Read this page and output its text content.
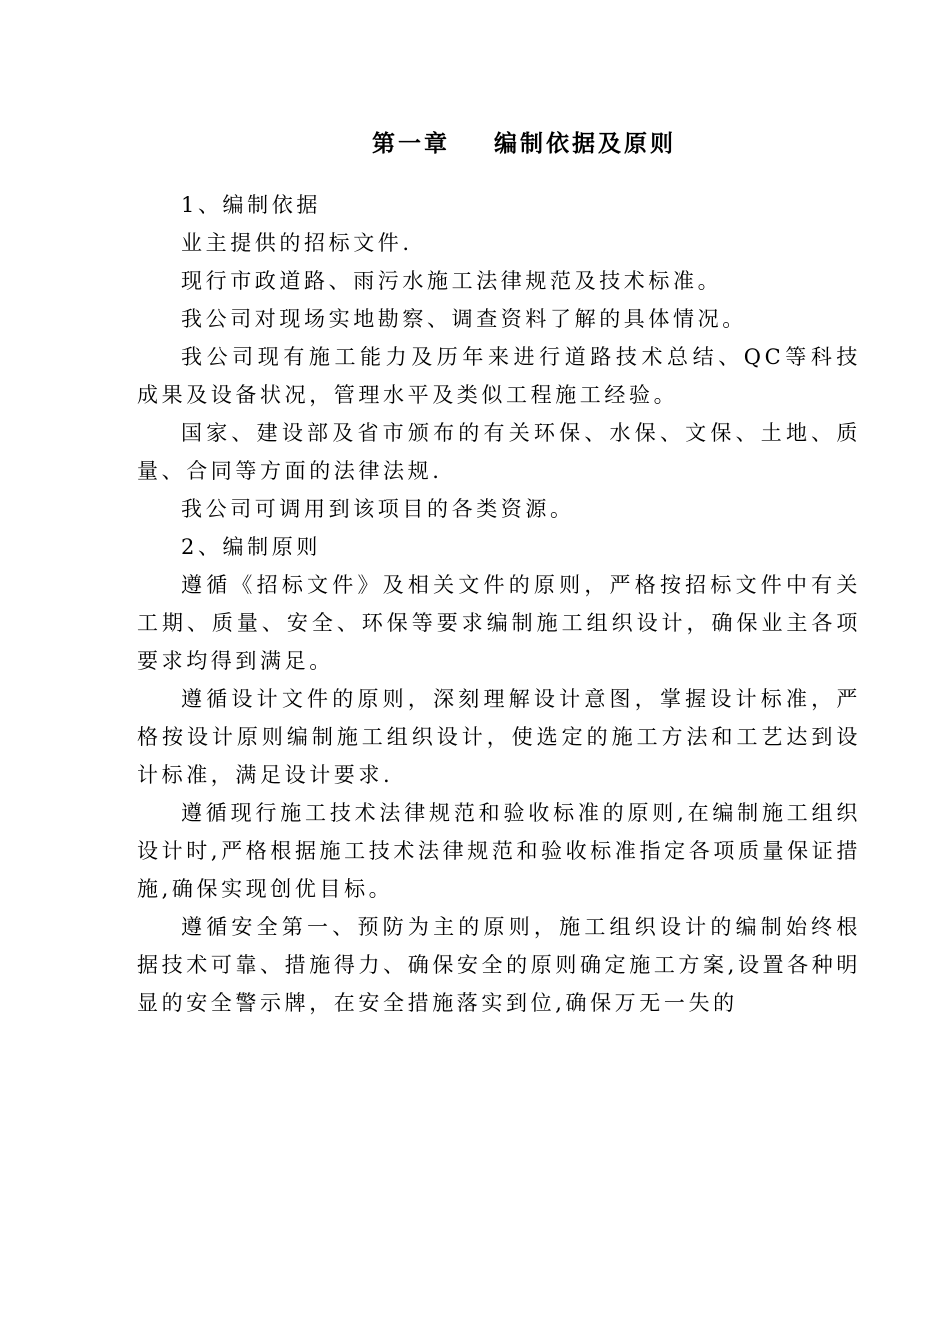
第一章    编制依据及原则

1、编制依据

业主提供的招标文件.

现行市政道路、雨污水施工法律规范及技术标准。

我公司对现场实地勘察、调查资料了解的具体情况。

我公司现有施工能力及历年来进行道路技术总结、QC等科技成果及设备状况，管理水平及类似工程施工经验。

国家、建设部及省市颁布的有关环保、水保、文保、土地、质量、合同等方面的法律法规.

我公司可调用到该项目的各类资源。

2、编制原则

遵循《招标文件》及相关文件的原则，严格按招标文件中有关工期、质量、安全、环保等要求编制施工组织设计，确保业主各项要求均得到满足。

遵循设计文件的原则，深刻理解设计意图，掌握设计标准，严格按设计原则编制施工组织设计，使选定的施工方法和工艺达到设计标准，满足设计要求.

遵循现行施工技术法律规范和验收标准的原则,在编制施工组织设计时,严格根据施工技术法律规范和验收标准指定各项质量保证措施,确保实现创优目标。

遵循安全第一、预防为主的原则，施工组织设计的编制始终根据技术可靠、措施得力、确保安全的原则确定施工方案,设置各种明显的安全警示牌，在安全措施落实到位,确保万无一失的
